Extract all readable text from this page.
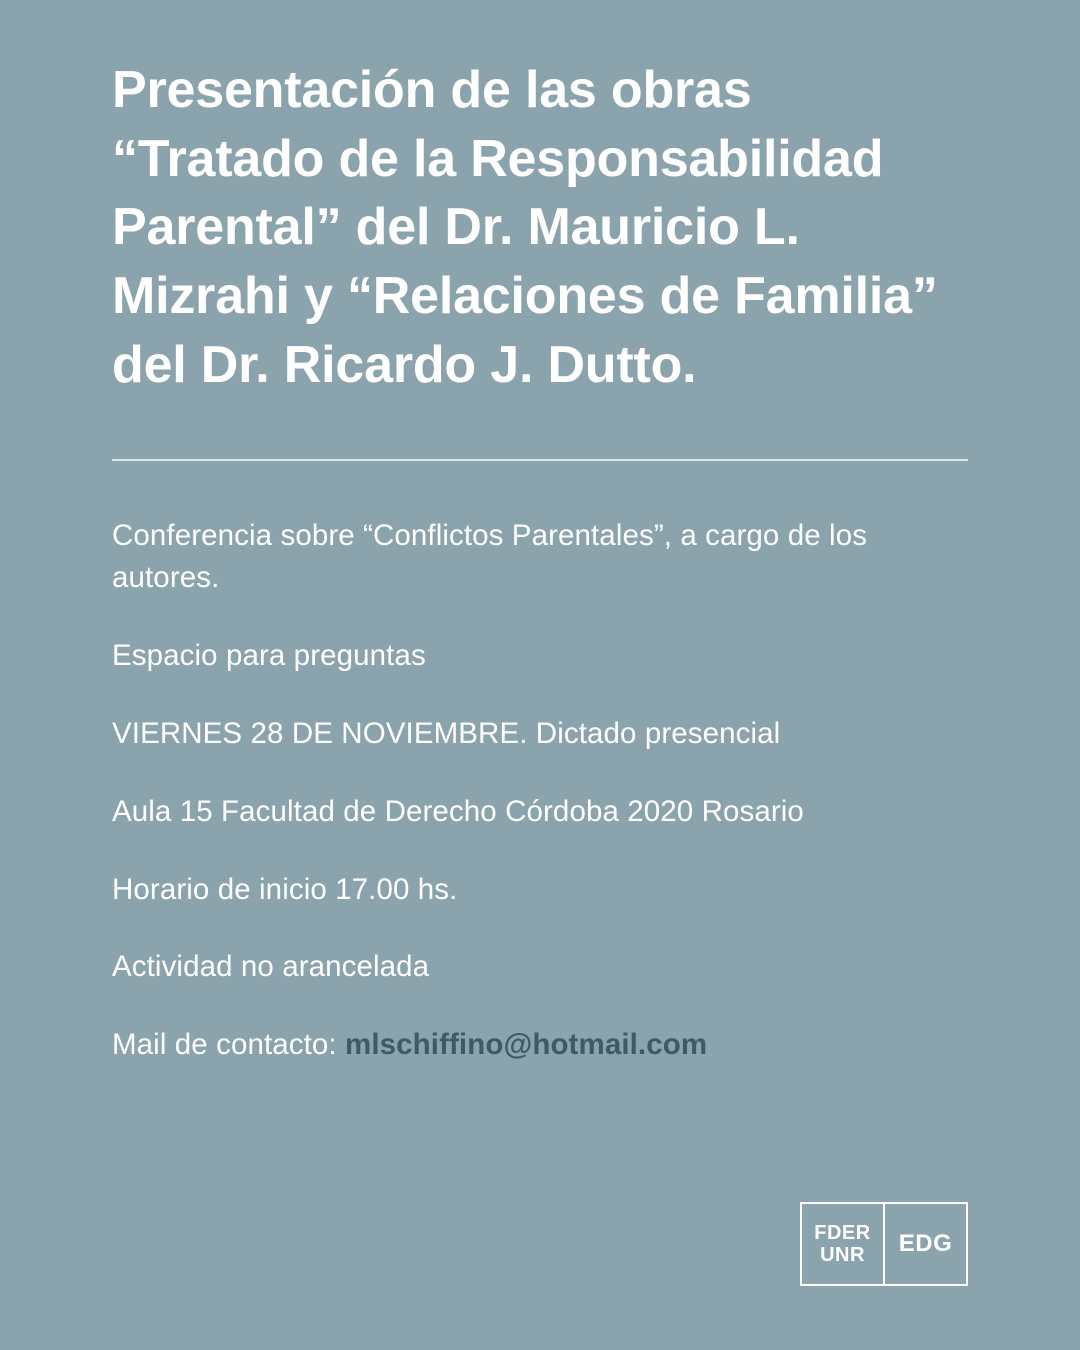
Presentación de las obras “Tratado de la Responsabilidad Parental” del Dr. Mauricio L. Mizrahi y “Relaciones de Familia” del Dr. Ricardo J. Dutto.

Conferencia sobre “Conflictos Parentales”, a cargo de los autores.

Espacio para preguntas

VIERNES 28 DE NOVIEMBRE. Dictado presencial

Aula 15 Facultad de Derecho Córdoba 2020 Rosario

Horario de inicio 17.00 hs.

Actividad no arancelada

Mail de contacto: mlschiffino@hotmail.com

FDER
UNR EDG
